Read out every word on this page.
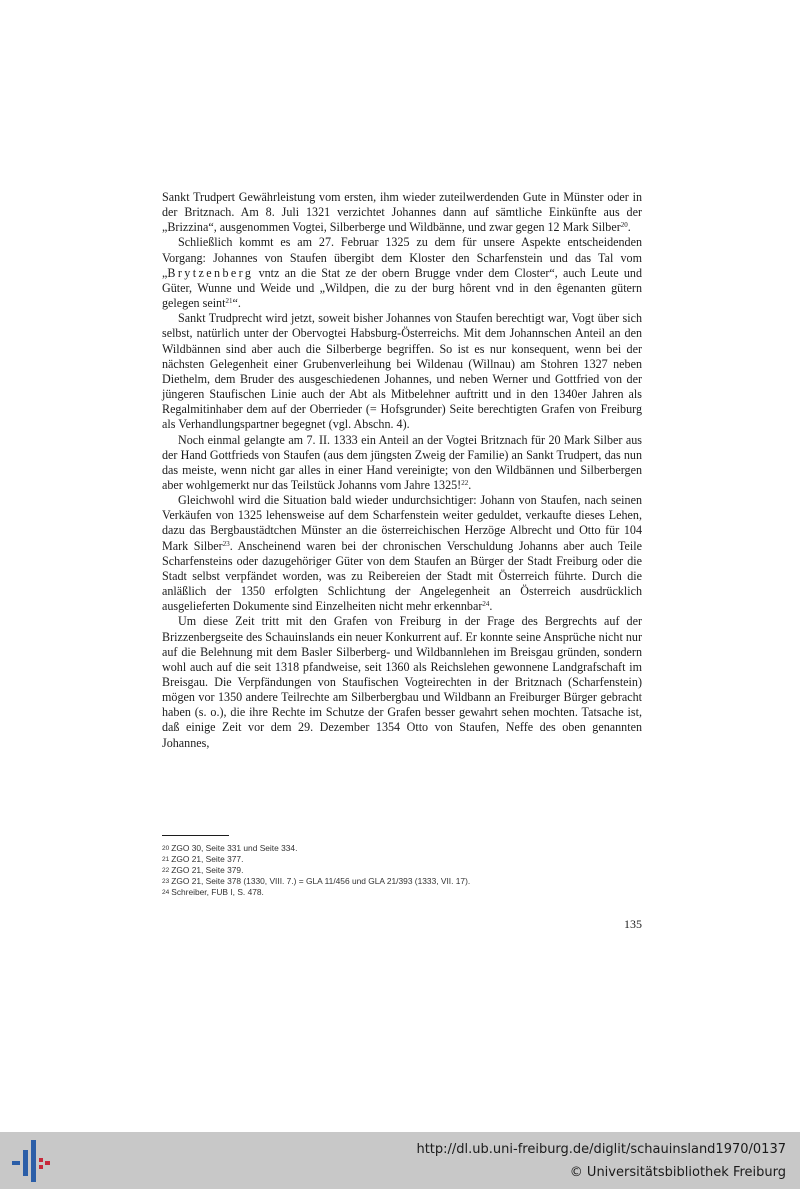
Sankt Trudpert Gewährleistung vom ersten, ihm wieder zuteilwerdenden Gute in Münster oder in der Britznach. Am 8. Juli 1321 verzichtet Johannes dann auf sämtliche Einkünfte aus der „Brizzina“, ausgenommen Vogtei, Silberberge und Wildbänne, und zwar gegen 12 Mark Silber$^{20}$.

Schließlich kommt es am 27. Februar 1325 zu dem für unsere Aspekte entscheidenden Vorgang: Johannes von Staufen übergibt dem Kloster den Scharfenstein und das Tal vom „Brytzenberg vntz an die Stat ze der obern Brugge vnder dem Closter“, auch Leute und Güter, Wunne und Weide und „Wildpen, die zu der burg hôrent vnd in den êgenanten gütern gelegen seint$^{21}$“.

Sankt Trudprecht wird jetzt, soweit bisher Johannes von Staufen berechtigt war, Vogt über sich selbst, natürlich unter der Obervogtei Habsburg-Österreichs. Mit dem Johannschen Anteil an den Wildbännen sind aber auch die Silberberge begriffen. So ist es nur konsequent, wenn bei der nächsten Gelegenheit einer Grubenverleihung bei Wildenau (Willnau) am Stohren 1327 neben Diethelm, dem Bruder des ausgeschiedenen Johannes, und neben Werner und Gottfried von der jüngeren Staufischen Linie auch der Abt als Mitbelehner auftritt und in den 1340er Jahren als Regalmitinhaber dem auf der Oberrieder (= Hofsgrunder) Seite berechtigten Grafen von Freiburg als Verhandlungspartner begegnet (vgl. Abschn. 4).

Noch einmal gelangte am 7. II. 1333 ein Anteil an der Vogtei Britznach für 20 Mark Silber aus der Hand Gottfrieds von Staufen (aus dem jüngsten Zweig der Familie) an Sankt Trudpert, das nun das meiste, wenn nicht gar alles in einer Hand vereinigte; von den Wildbännen und Silberbergen aber wohlgemerkt nur das Teilstück Johanns vom Jahre 1325!$^{22}$.

Gleichwohl wird die Situation bald wieder undurchsichtiger: Johann von Staufen, nach seinen Verkäufen von 1325 lehensweise auf dem Scharfenstein weiter geduldet, verkaufte dieses Lehen, dazu das Bergbaustädtchen Münster an die österreichischen Herzöge Albrecht und Otto für 104 Mark Silber$^{23}$. Anscheinend waren bei der chronischen Verschuldung Johanns aber auch Teile Scharfensteins oder dazugehöriger Güter von dem Staufen an Bürger der Stadt Freiburg oder die Stadt selbst verpfändet worden, was zu Reibereien der Stadt mit Österreich führte. Durch die anläßlich der 1350 erfolgten Schlichtung der Angelegenheit an Österreich ausdrücklich ausgelieferten Dokumente sind Einzelheiten nicht mehr erkennbar$^{24}$.

Um diese Zeit tritt mit den Grafen von Freiburg in der Frage des Bergrechts auf der Brizzenbergseite des Schauinslands ein neuer Konkurrent auf. Er konnte seine Ansprüche nicht nur auf die Belehnung mit dem Basler Silberberg- und Wildbannlehen im Breisgau gründen, sondern wohl auch auf die seit 1318 pfandweise, seit 1360 als Reichslehen gewonnene Landgrafschaft im Breisgau. Die Verpfändungen von Staufischen Vogteirechten in der Britznach (Scharfenstein) mögen vor 1350 andere Teilrechte am Silberbergbau und Wildbann an Freiburger Bürger gebracht haben (s. o.), die ihre Rechte im Schutze der Grafen besser gewahrt sehen mochten. Tatsache ist, daß einige Zeit vor dem 29. Dezember 1354 Otto von Staufen, Neffe des oben genannten Johannes,

20 ZGO 30, Seite 331 und Seite 334.
21 ZGO 21, Seite 377.
22 ZGO 21, Seite 379.
23 ZGO 21, Seite 378 (1330, VIII. 7.) = GLA 11/456 und GLA 21/393 (1333, VII. 17).
24 Schreiber, FUB I, S. 478.
135
http://dl.ub.uni-freiburg.de/diglit/schauinsland1970/0137
© Universitätsbibliothek Freiburg
